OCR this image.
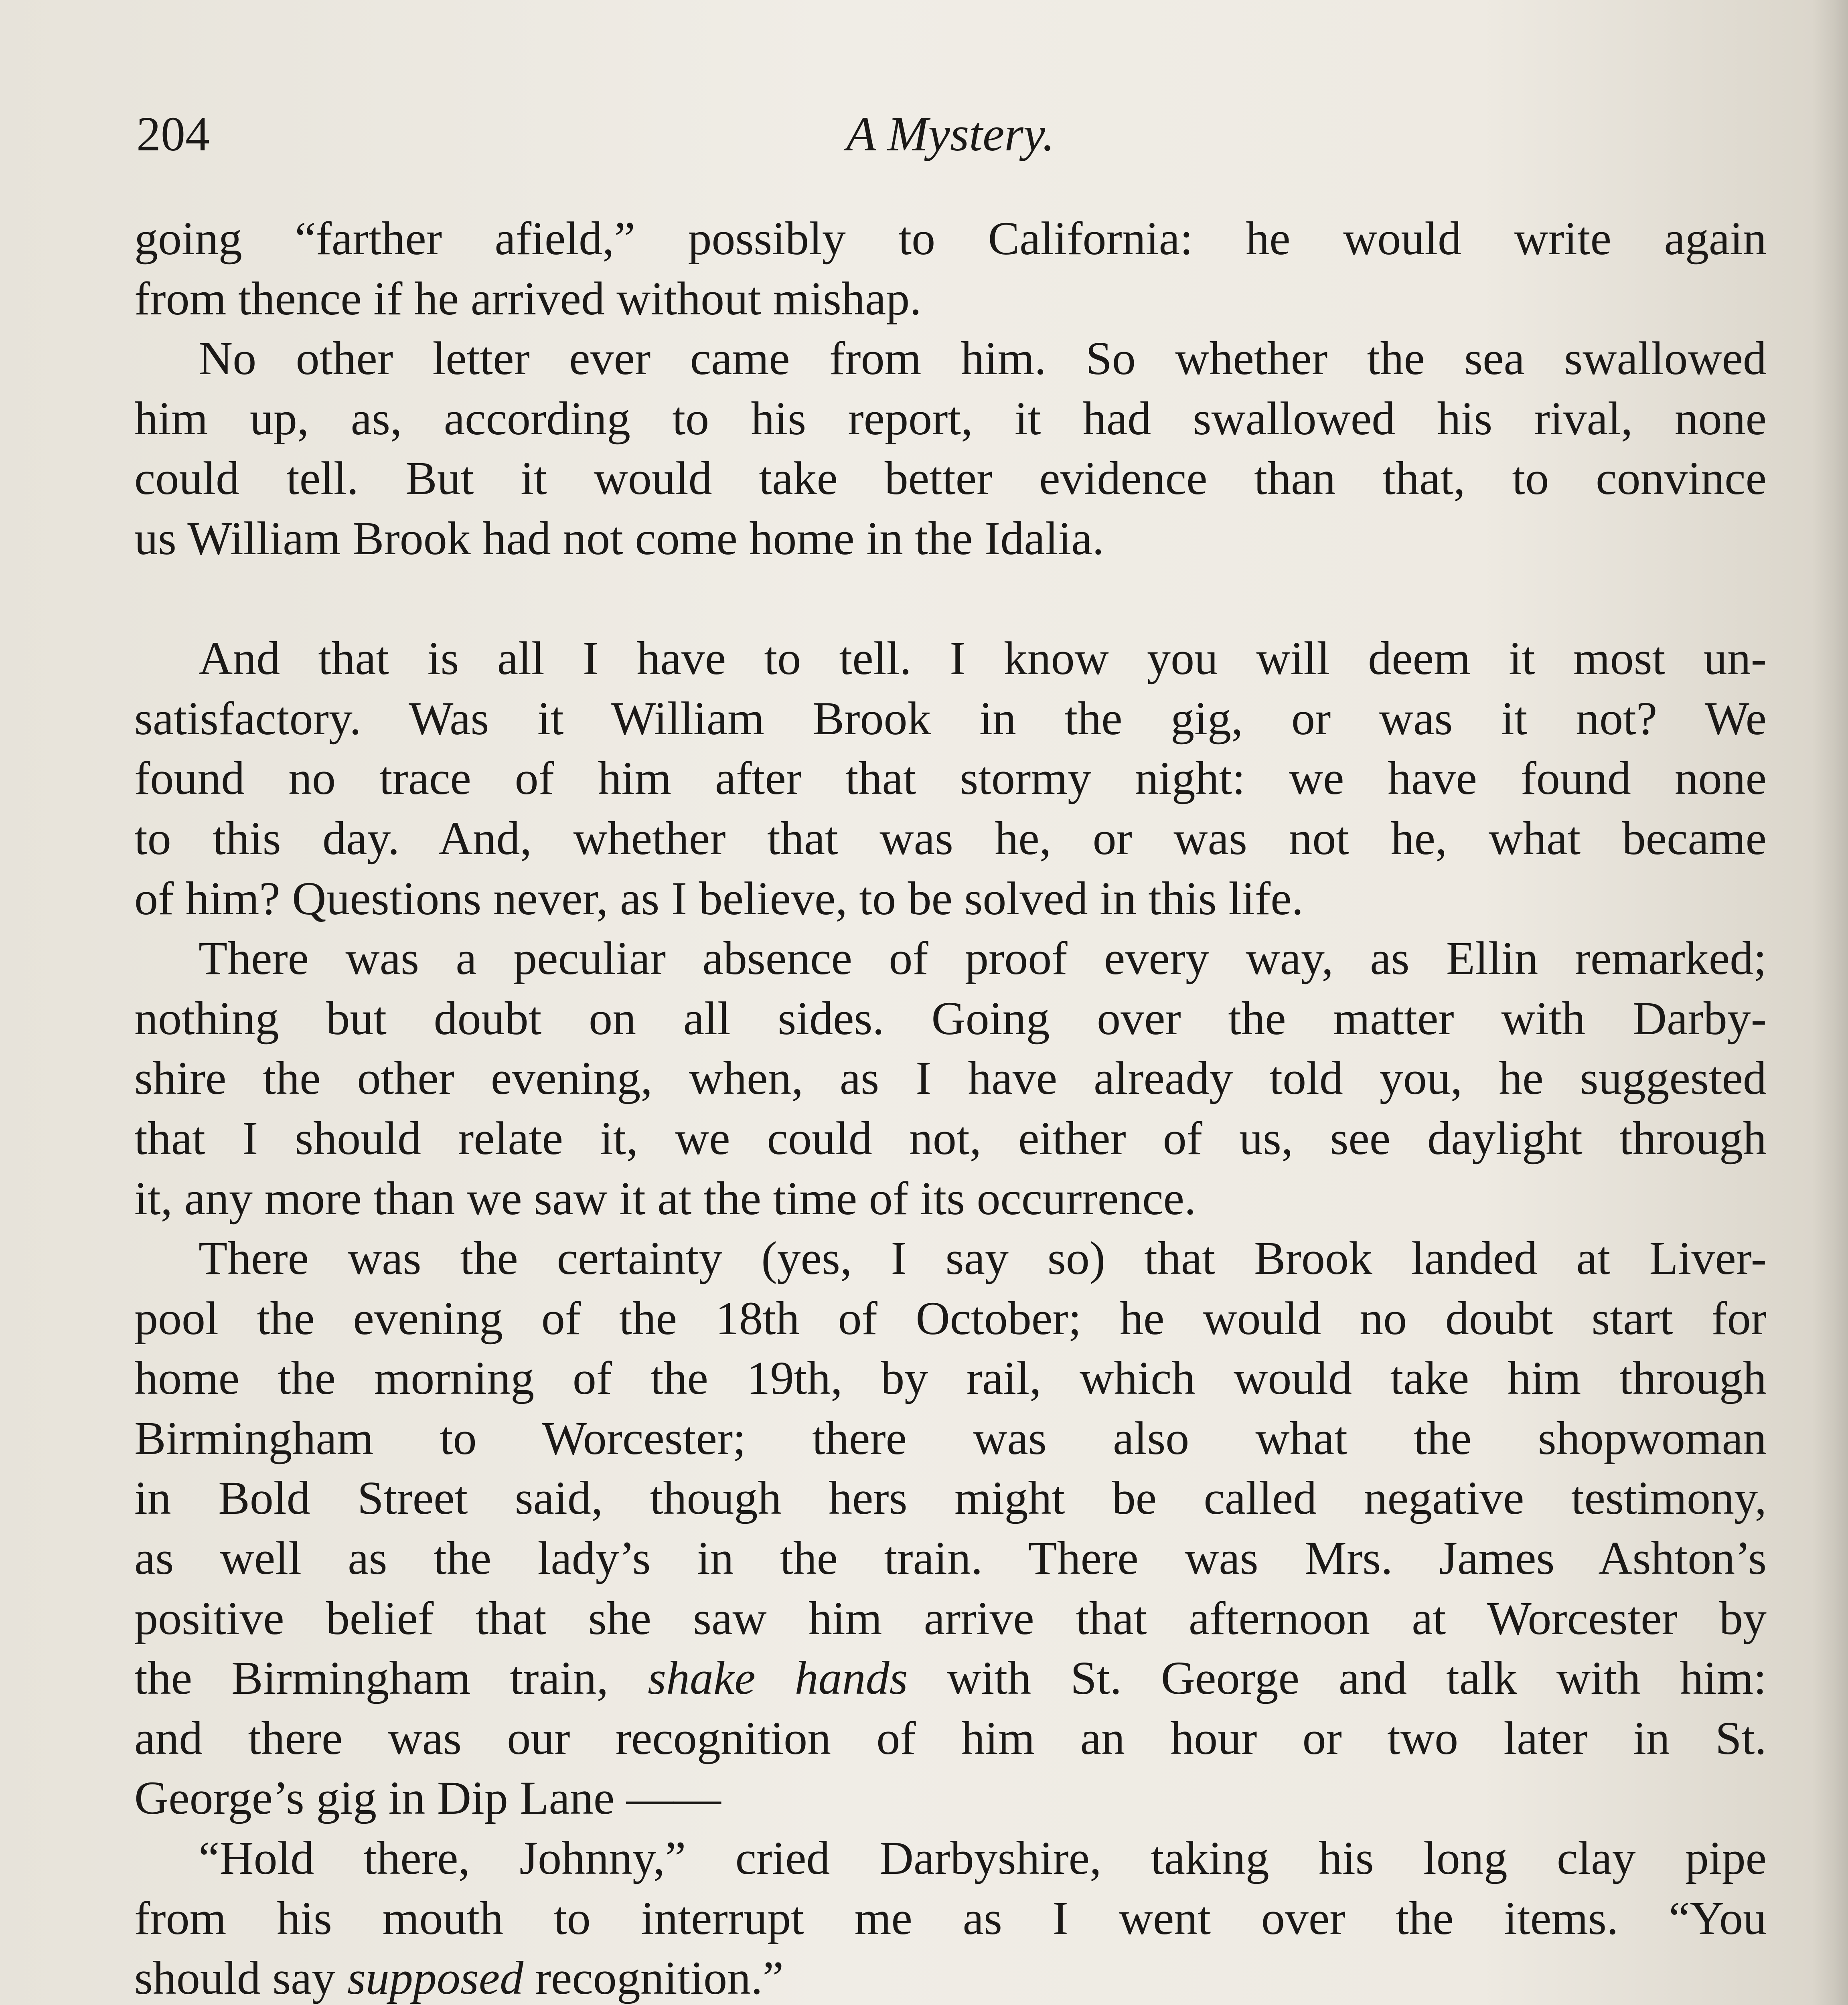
204	A Mystery.
going “farther afield,” possibly to California: he would write again
from thence if he arrived without mishap.
No other letter ever came from him. So whether the sea swallowed
him up, as, according to his report, it had swallowed his rival, none
could tell. But it would take better evidence than that, to convince
us William Brook had not come home in the Idalia.
And that is all I have to tell. I know you will deem it most un-
satisfactory. Was it William Brook in the gig, or was it not? We
found no trace of him after that stormy night: we have found none
to this day. And, whether that was he, or was not he, what became
of him? Questions never, as I believe, to be solved in this life.
There was a peculiar absence of proof every way, as Ellin remarked;
nothing but doubt on all sides. Going over the matter with Darby-
shire the other evening, when, as I have already told you, he suggested
that I should relate it, we could not, either of us, see daylight through
it, any more than we saw it at the time of its occurrence.
There was the certainty (yes, I say so) that Brook landed at Liver-
pool the evening of the 18th of October; he would no doubt start for
home the morning of the 19th, by rail, which would take him through
Birmingham to Worcester; there was also what the shopwoman
in Bold Street said, though hers might be called negative testimony,
as well as the lady’s in the train. There was Mrs. James Ashton’s
positive belief that she saw him arrive that afternoon at Worcester by
the Birmingham train, shake hands with St. George and talk with him:
and there was our recognition of him an hour or two later in St.
George’s gig in Dip Lane ——
“Hold there, Johnny,” cried Darbyshire, taking his long clay pipe
from his mouth to interrupt me as I went over the items. “You
should say supposed recognition.”
